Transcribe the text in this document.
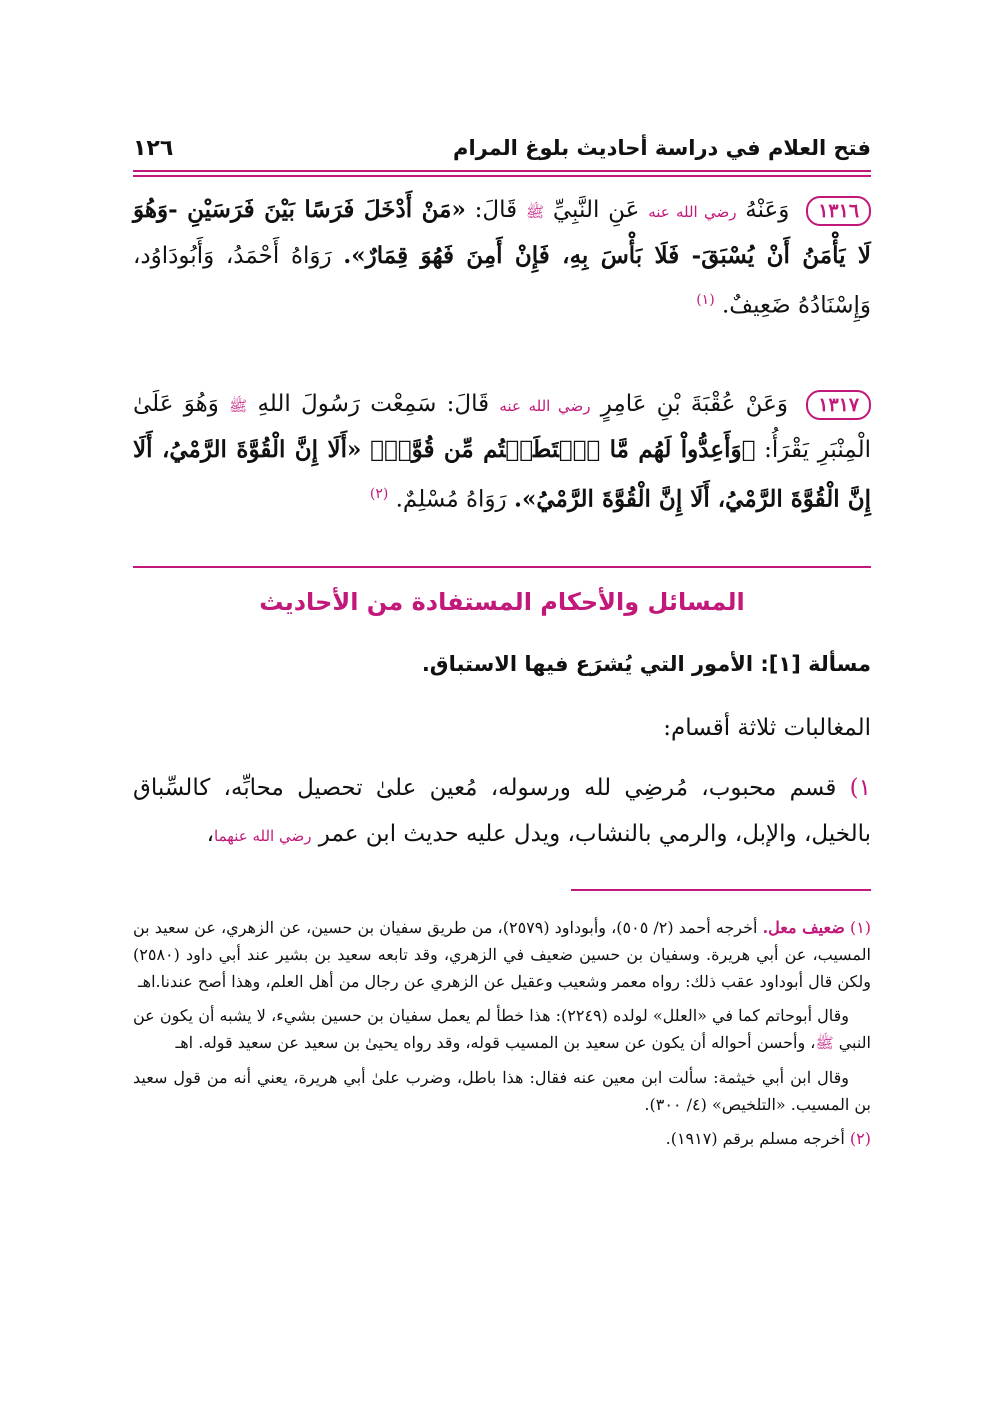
فتح العلام في دراسة أحاديث بلوغ المرام
١٢٦
١٣١٦ وَعَنْهُ رضي الله عنه عَنِ النَّبِيِّ ﷺ قَالَ: «مَنْ أَدْخَلَ فَرَسًا بَيْنَ فَرَسَيْنِ -وَهُوَ لَا يَأْمَنُ أَنْ يُسْبَقَ- فَلَا بَأْسَ بِهِ، فَإِنْ أَمِنَ فَهُوَ قِمَارٌ». رَوَاهُ أَحْمَدُ، وَأَبُودَاوُد، وَإِسْنَادُهُ ضَعِيفٌ. $^{(١)}$
١٣١٧ وَعَنْ عُقْبَةَ بْنِ عَامِرٍ رضي الله عنه قَالَ: سَمِعْت رَسُولَ اللهِ ﷺ وَهُوَ عَلَىٰ الْمِنْبَرِ يَقْرَأُ: ﴿وَأَعِدُّواْ لَهُم مَّا ٱسۡتَطَعۡتُم مِّن قُوَّةٖ﴾ «أَلَا إِنَّ الْقُوَّةَ الرَّمْيُ، أَلَا إِنَّ الْقُوَّةَ الرَّمْيُ، أَلَا إِنَّ الْقُوَّةَ الرَّمْيُ». رَوَاهُ مُسْلِمٌ. $^{(٢)}$
المسائل والأحكام المستفادة من الأحاديث
مسألة [١]: الأمور التي يُشرَع فيها الاستباق.
المغالبات ثلاثة أقسام:
١) قسم محبوب، مُرضِي لله ورسوله، مُعين علىٰ تحصيل محابِّه، كالسِّباق بالخيل، والإبل، والرمي بالنشاب، ويدل عليه حديث ابن عمر رضي الله عنهما،

(١) ضعيف معل. أخرجه أحمد (٢/ ٥٠٥)، وأبوداود (٢٥٧٩)، من طريق سفيان بن حسين، عن الزهري، عن سعيد بن المسيب، عن أبي هريرة. وسفيان بن حسين ضعيف في الزهري، وقد تابعه سعيد بن بشير عند أبي داود (٢٥٨٠) ولكن قال أبوداود عقب ذلك: رواه معمر وشعيب وعقيل عن الزهري عن رجال من أهل العلم، وهذا أصح عندنا.اهـ

وقال أبوحاتم كما في «العلل» لولده (٢٢٤٩): هذا خطأ لم يعمل سفيان بن حسين بشيء، لا يشبه أن يكون عن النبي ﷺ، وأحسن أحواله أن يكون عن سعيد بن المسيب قوله، وقد رواه يحيىٰ بن سعيد عن سعيد قوله. اهـ

وقال ابن أبي خيثمة: سألت ابن معين عنه فقال: هذا باطل، وضرب علىٰ أبي هريرة، يعني أنه من قول سعيد بن المسيب. «التلخيص» (٤/ ٣٠٠).

(٢) أخرجه مسلم برقم (١٩١٧).
